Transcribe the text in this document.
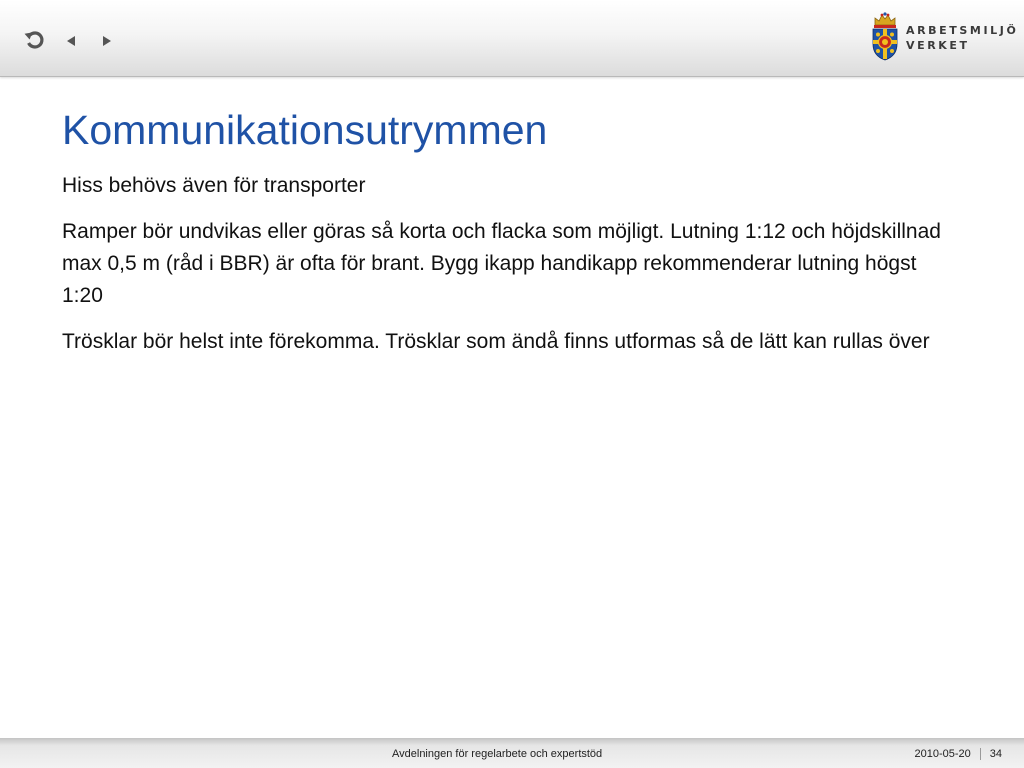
ARBETSMILJÖ
VERKET
Kommunikationsutrymmen

Hiss behövs även för transporter

Ramper bör undvikas eller göras så korta och flacka som möjligt. Lutning 1:12 och höjdskillnad max 0,5 m (råd i BBR) är ofta för brant. Bygg ikapp handikapp rekommenderar lutning högst 1:20

Trösklar bör helst inte förekomma. Trösklar som ändå finns utformas så de lätt kan rullas över

Avdelningen för regelarbete och expertstöd	2010-05-20 34
